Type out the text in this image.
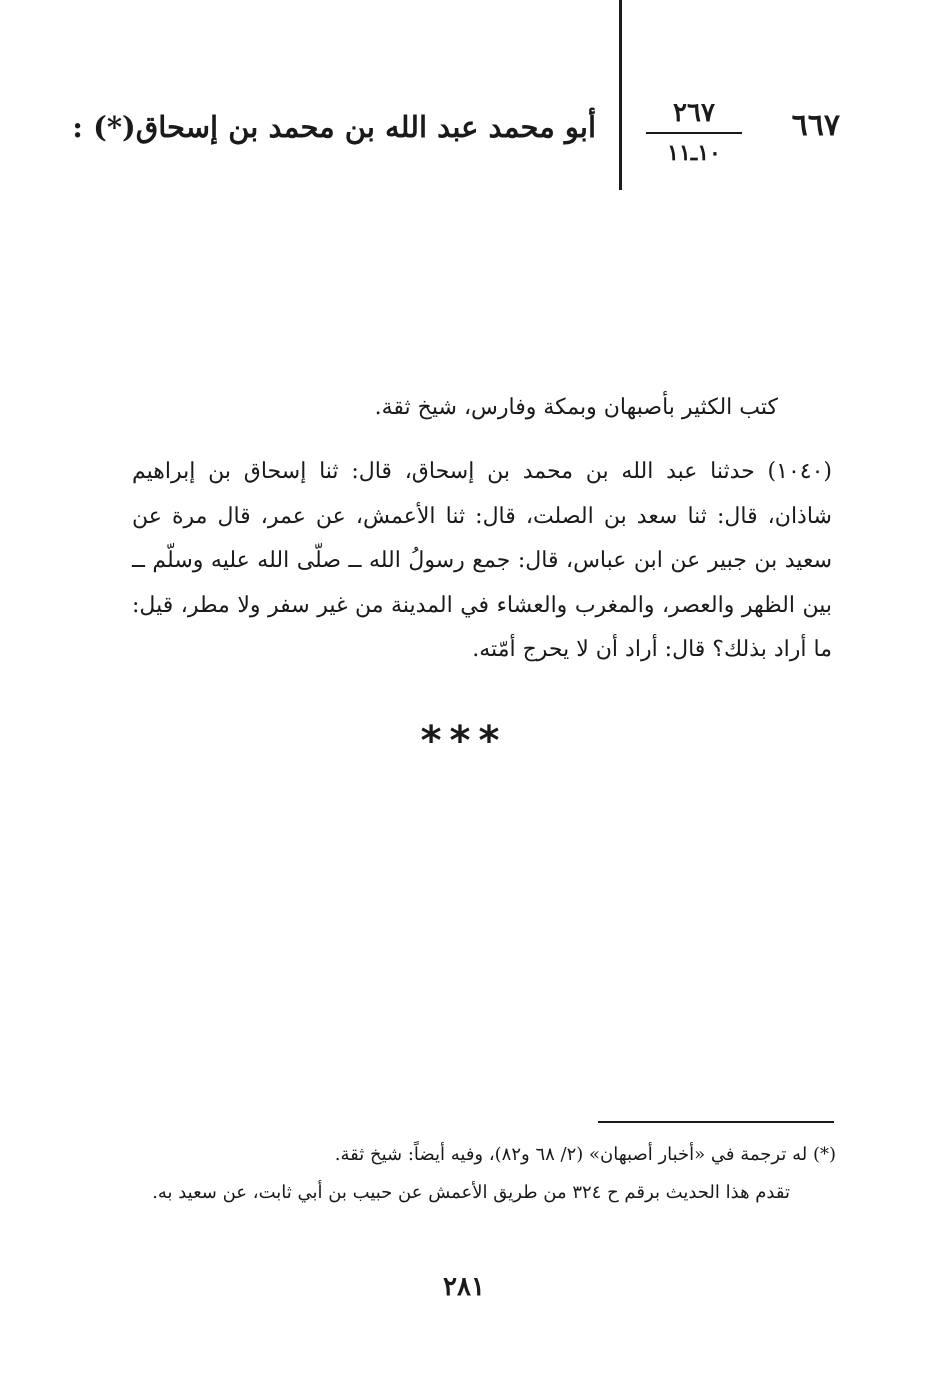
٦٦٧
٢٦٧
١٠ـ١١
أبو محمد عبد الله بن محمد بن إسحاق(*) :
كتب الكثير بأصبهان وبمكة وفارس، شيخ ثقة.
(١٠٤٠) حدثنا عبد الله بن محمد بن إسحاق، قال: ثنا إسحاق بن إبراهيم شاذان، قال: ثنا سعد بن الصلت، قال: ثنا الأعمش، عن عمر، قال مرة عن سعيد بن جبير عن ابن عباس، قال: جمع رسولُ الله ــ صلّى الله عليه وسلّم ــ بين الظهر والعصر، والمغرب والعشاء في المدينة من غير سفر ولا مطر، قيل: ما أراد بذلك؟ قال: أراد أن لا يحرج أمّته.
***
(*) له ترجمة في «أخبار أصبهان» (٢/ ٦٨ و٨٢)، وفيه أيضاً: شيخ ثقة.
تقدم هذا الحديث برقم ح ٣٢٤ من طريق الأعمش عن حبيب بن أبي ثابت، عن سعيد به.
٢٨١
